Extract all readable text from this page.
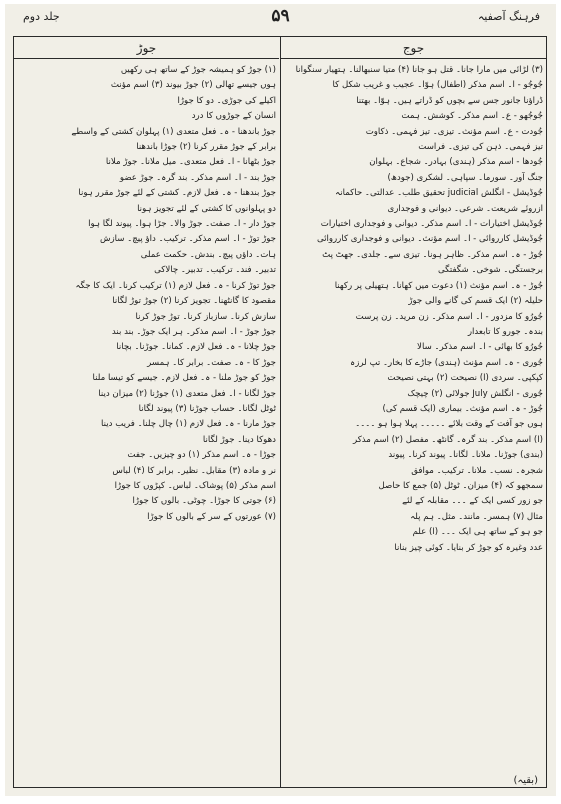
جلد دوم	۵۹	فرہنگ آصفیہ
جوڑ	جوج
(۳) لڑائی میں مارا جانا۔ قتل ہو جانا (۴) متیا سنبھالنا۔ ہتھیار سنگوانا
جُوجُو - ا۔ اسم مذکر (اطفال) ہوّا۔ عجیب و غریب شکل کا
ڈراؤنا جانور جس سے بچوں کو ڈراتے ہیں۔ ہوّا۔ بھتنا
جُوجُھو - ع۔ اسم مذکر۔ کوشش۔ ہمت
جُودت - ع۔ اسم مؤنث۔ تیزی۔ تیز فہمی۔ ذکاوت
تیز فہمی۔ ذہن کی تیزی۔ فراست
جُودھا - اسم مذکر (ہندی) بہادر۔ شجاع۔ بہلوان
جنگ آور۔ سورما۔ سپاہی۔ لشکری (جودھ)
جُوڈیشل - انگلش judicial تحقیق طلب۔ عدالتی۔ حاکمانہ
ازروئے شریعت۔ شرعی۔ دیوانی و فوجداری
جُوڈیشل اختیارات - ا۔ اسم مذکر۔ دیوانی و فوجداری اختیارات
جُوڈیشل کارروائی - ا۔ اسم مؤنث۔ دیوانی و فوجداری کارروائی
جُوڑ - ہ۔ اسم مذکر۔ ظاہر ہونا۔ تیزی سے۔ جلدی۔ جھٹ پٹ
برجستگی۔ شوخی۔ شگفتگی
جُوڑ - ہ۔ اسم مؤنث (۱) دعوت میں کھانا۔ ہتھیلی پر رکھنا
حلیلہ (۲) ایک قسم کی گانے والی جوڑ
جُورُو کا مزدور - ا۔ اسم مذکر۔ زن مرید۔ زن پرست
بندہ۔ جورو کا تابعدار
جُورُو کا بھائی - ا۔ اسم مذکر۔ سالا
جُوری - ہ۔ اسم مؤنث (ہندی) جاڑے کا بخار۔ تپ لرزہ
کپکپی۔ سردی (ا) نصیحت (۲) بہتی نصیحت
جُوری - انگلش July جولائی (۲) چیچک
جُوڑ - ہ۔ اسم مؤنث۔ بیماری (ایک قسم کی)
ہوں جو آفت کے وقت بلائے ۔۔۔۔۔ پہلا ہوا ہو ۔۔۔۔
(ا) اسم مذکر۔ بند گرہ۔ گانٹھ۔ مفصل (۲) اسم مذکر
(بندی) جوڑنا۔ ملانا۔ لگانا۔ پیوند کرنا۔ پیوند
شجرہ۔ نسب۔ ملانا۔ ترکیب۔ موافق
سمجھو کہ (۴) میزان۔ ٹوٹل (۵) جمع کا حاصل
جو زور کسی ایک کے ۔۔۔ مقابلہ کے لئے
مثال (۷) ہمسر۔ مانند۔ مثل۔ ہم پلہ
جو ہو کے ساتھ ہی ایک ۔۔۔ (ا) علم
عدد وغیرہ کو جوڑ کر بنایا۔ کوئی چیز بنانا
(۱) جوڑ کو ہمیشہ جوڑ کے ساتھ ہی رکھیں
ہوں جیسے تھالی (۲) جوڑ بیوند (۳) اسم مؤنث
اکیلے کی جوڑی۔ دو کا جوڑا
انسان کے جوڑوں کا درد
جوڑ باندھنا - ہ۔ فعل متعدی (۱) پہلوان کشتی کے واسطے
برابر کے جوڑ مقرر کرنا (۲) جوڑا باندھنا
جوڑ بٹھانا - ا۔ فعل متعدی۔ میل ملانا۔ جوڑ ملانا
جوڑ بند - ا۔ اسم مذکر۔ بند گرہ۔ جوڑ عضو
جوڑ بندھنا - ہ۔ فعل لازم۔ کشتی کے لئے جوڑ مقرر ہونا
دو پہلوانوں کا کشتی کے لئے تجویز ہونا
جوڑ دار - ا۔ صفت۔ جوڑ والا۔ جڑا ہوا۔ پیوند لگا ہوا
جوڑ توڑ - ا۔ اسم مذکر۔ ترکیب۔ داؤ پیچ۔ سازش
ہات۔ داؤں پیچ۔ بندش۔ حکمت عملی
تدبیر۔ فند۔ ترکیب۔ تدبیر۔ چالاکی
جوڑ توڑ کرنا - ہ۔ فعل لازم (۱) ترکیب کرنا۔ ایک کا جگہ
مقصود کا گانٹھنا۔ تجویز کرنا (۲) جوڑ توڑ لگانا
سازش کرنا۔ سازباز کرنا۔ توڑ جوڑ کرنا
جوڑ جوڑ - ا۔ اسم مذکر۔ ہر ایک جوڑ۔ بند بند
جوڑ چلانا - ہ۔ فعل لازم۔ کمانا۔ جوڑنا۔ بچانا
جوڑ کا - ہ۔ صفت۔ برابر کا۔ ہمسر
جوڑ کو جوڑ ملنا - ہ۔ فعل لازم۔ جیسے کو تیسا ملنا
جوڑ لگانا - ا۔ فعل متعدی (۱) جوڑنا (۲) میزان دینا
ٹوٹل لگانا۔ حساب جوڑنا (۳) پیوند لگانا
جوڑ مارنا - ہ۔ فعل لازم (۱) چال چلنا۔ فریب دینا
دھوکا دینا۔ جوڑ لگانا
جوڑا - ہ۔ اسم مذکر (۱) دو چیزیں۔ جفت
نر و مادہ (۳) مقابل۔ نظیر۔ برابر کا (۴) لباس
اسم مذکر (۵) پوشاک۔ لباس۔ کپڑوں کا جوڑا
(۶) جوتی کا جوڑا۔ چوٹی۔ بالوں کا جوڑا
(۷) عورتوں کے سر کے بالوں کا جوڑا
(بقیہ)
